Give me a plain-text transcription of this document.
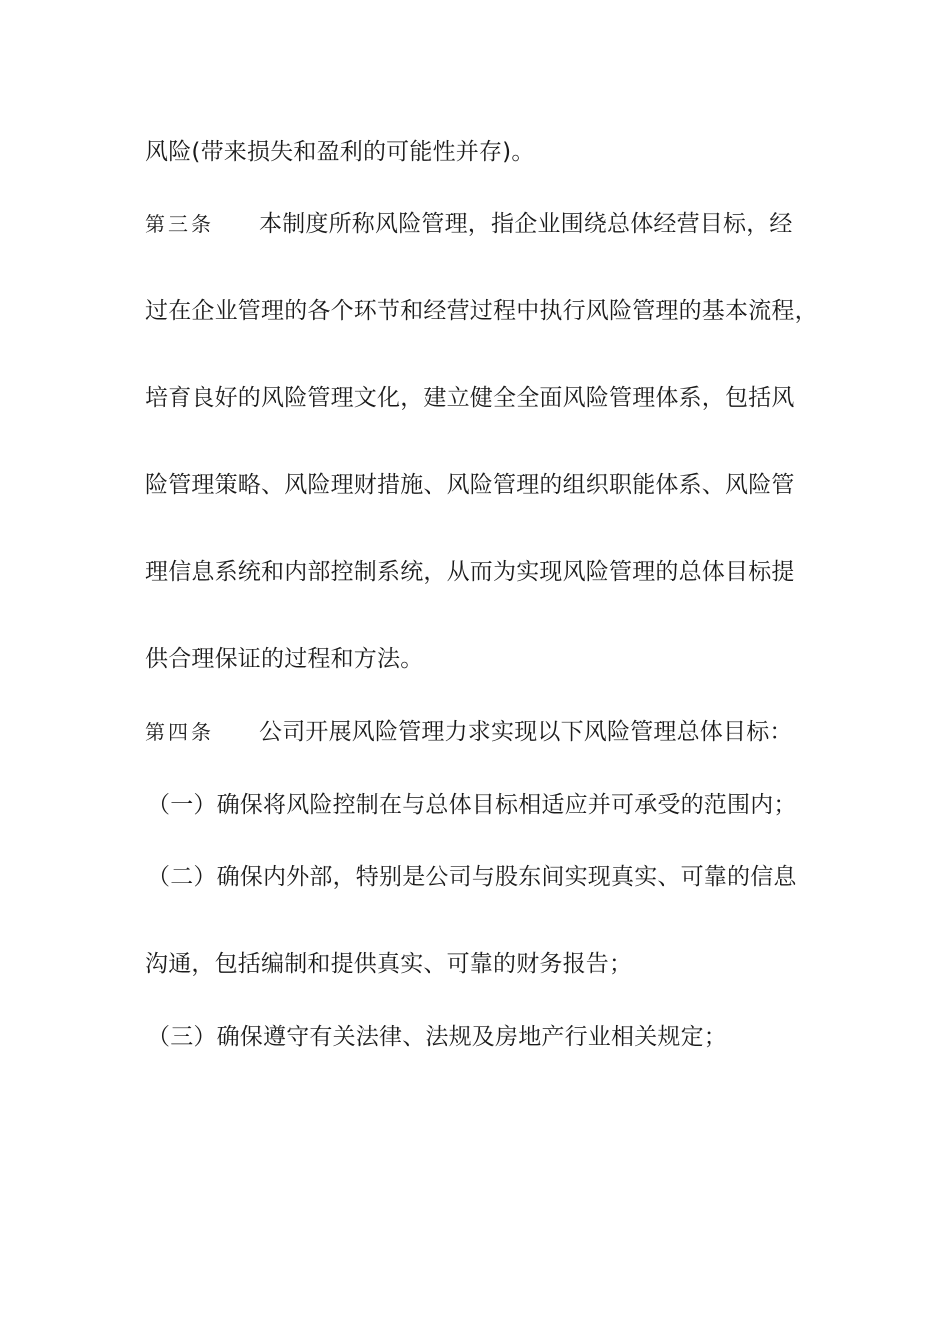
风险(带来损失和盈利的可能性并存)。
第三条 本制度所称风险管理，指企业围绕总体经营目标，经
过在企业管理的各个环节和经营过程中执行风险管理的基本流程，
培育良好的风险管理文化，建立健全全面风险管理体系，包括风
险管理策略、风险理财措施、风险管理的组织职能体系、风险管
理信息系统和内部控制系统，从而为实现风险管理的总体目标提
供合理保证的过程和方法。
第四条 公司开展风险管理力求实现以下风险管理总体目标：
（一）确保将风险控制在与总体目标相适应并可承受的范围内；
（二）确保内外部，特别是公司与股东间实现真实、可靠的信息
沟通，包括编制和提供真实、可靠的财务报告；
（三）确保遵守有关法律、法规及房地产行业相关规定；
